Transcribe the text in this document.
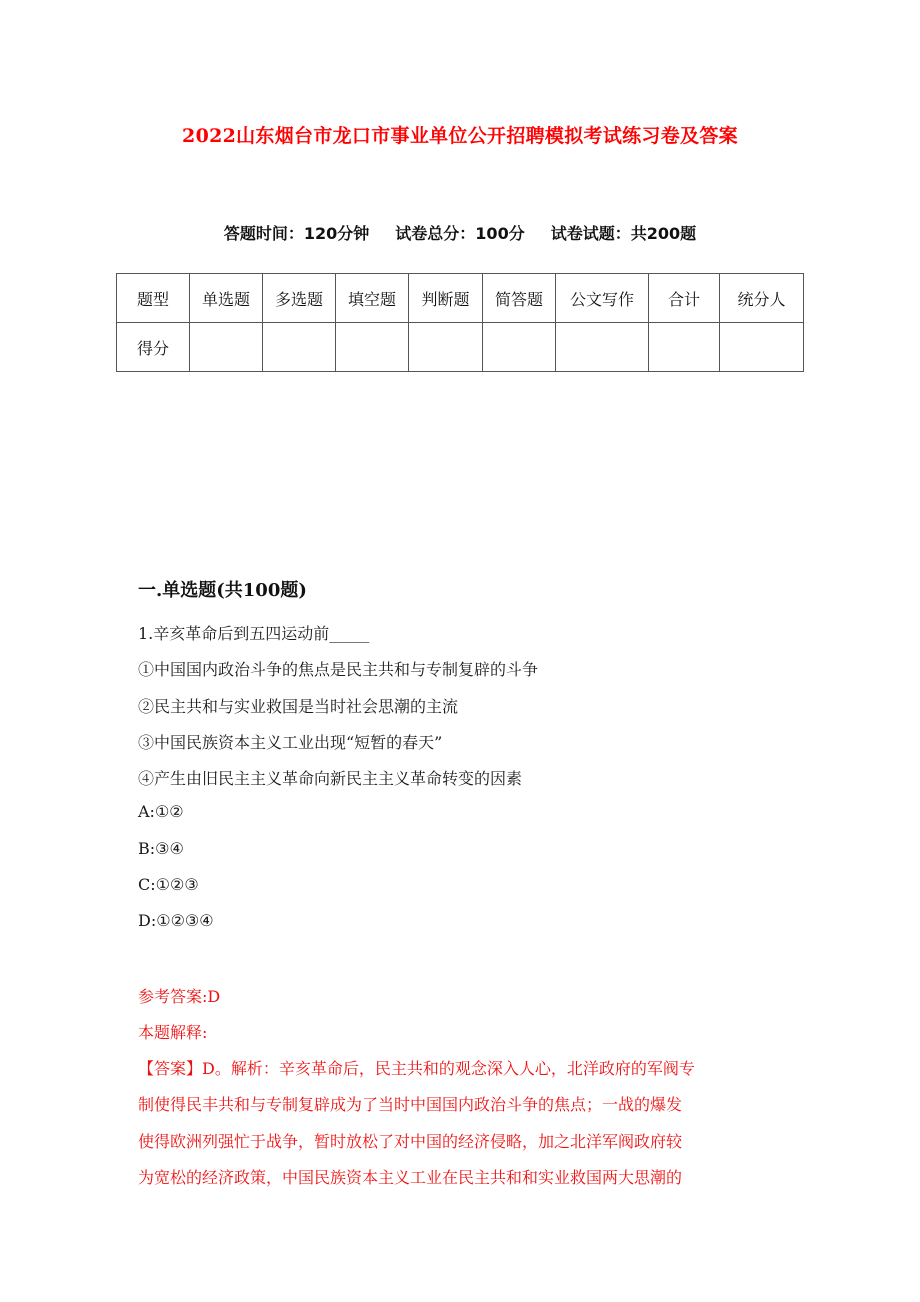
2022山东烟台市龙口市事业单位公开招聘模拟考试练习卷及答案
答题时间：120分钟 试卷总分：100分 试卷试题：共200题
题型	单选题	多选题	填空题	判断题	简答题	公文写作	合计	统分人
得分								
一.单选题(共100题)
1.辛亥革命后到五四运动前_____
①中国国内政治斗争的焦点是民主共和与专制复辟的斗争
②民主共和与实业救国是当时社会思潮的主流
③中国民族资本主义工业出现“短暂的春天”
④产生由旧民主主义革命向新民主主义革命转变的因素
A:①②
B:③④
C:①②③
D:①②③④
参考答案:D
本题解释:
【答案】D。解析：辛亥革命后，民主共和的观念深入人心，北洋政府的军阀专
制使得民丰共和与专制复辟成为了当时中国国内政治斗争的焦点；一战的爆发
使得欧洲列强忙于战争，暂时放松了对中国的经济侵略，加之北洋军阀政府较
为宽松的经济政策，中国民族资本主义工业在民主共和和实业救国两大思潮的
